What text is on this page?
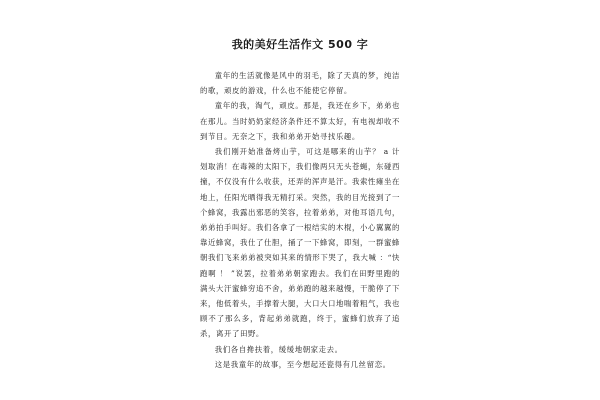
我的美好生活作文 500 字

童年的生活就像是风中的羽毛，除了天真的梦，纯洁的歌，顽皮的游戏，什么也不能使它停留。

童年的我，淘气，顽皮。那是，我还在乡下，弟弟也在那儿。当时奶奶家经济条件还不算太好，有电视却收不到节目。无奈之下，我和弟弟开始寻找乐趣。

我们刚开始准备烤山芋，可这是哪来的山芋？ a 计划取消！在毒辣的太阳下，我们像两只无头苍蝇，东碰西撞，不仅没有什么收获，还弄的浑声是汗。我索性瘫坐在地上，任阳光晒得我无精打采。突然，我的目光接到了一个蜂窝，我露出邪恶的笑容，拉着弟弟，对他耳语几句，弟弟拍手叫好。我们各拿了一根结实的木棍，小心翼翼的靠近蜂窝，我仕了仕胆，捅了一下蜂窝，即刻，一群蜜蜂朝我们飞来弟弟被突如其来的情形下哭了，我大喊 ：“快跑啊 ！ ”说罢，拉着弟弟朝家跑去。我们在田野里跑的满头大汗蜜蜂穷追不舍，弟弟跑的越来越慢，干脆停了下来，他低着头，手撑着大腿，大口大口地喘着粗气，我也顾不了那么多，背起弟弟就跑，终于，蜜蜂们放弃了追杀，离开了田野。

我们各自搀扶着，缓缓地朝家走去。

这是我童年的故事，至今想起还瓷得有几丝留恋。
